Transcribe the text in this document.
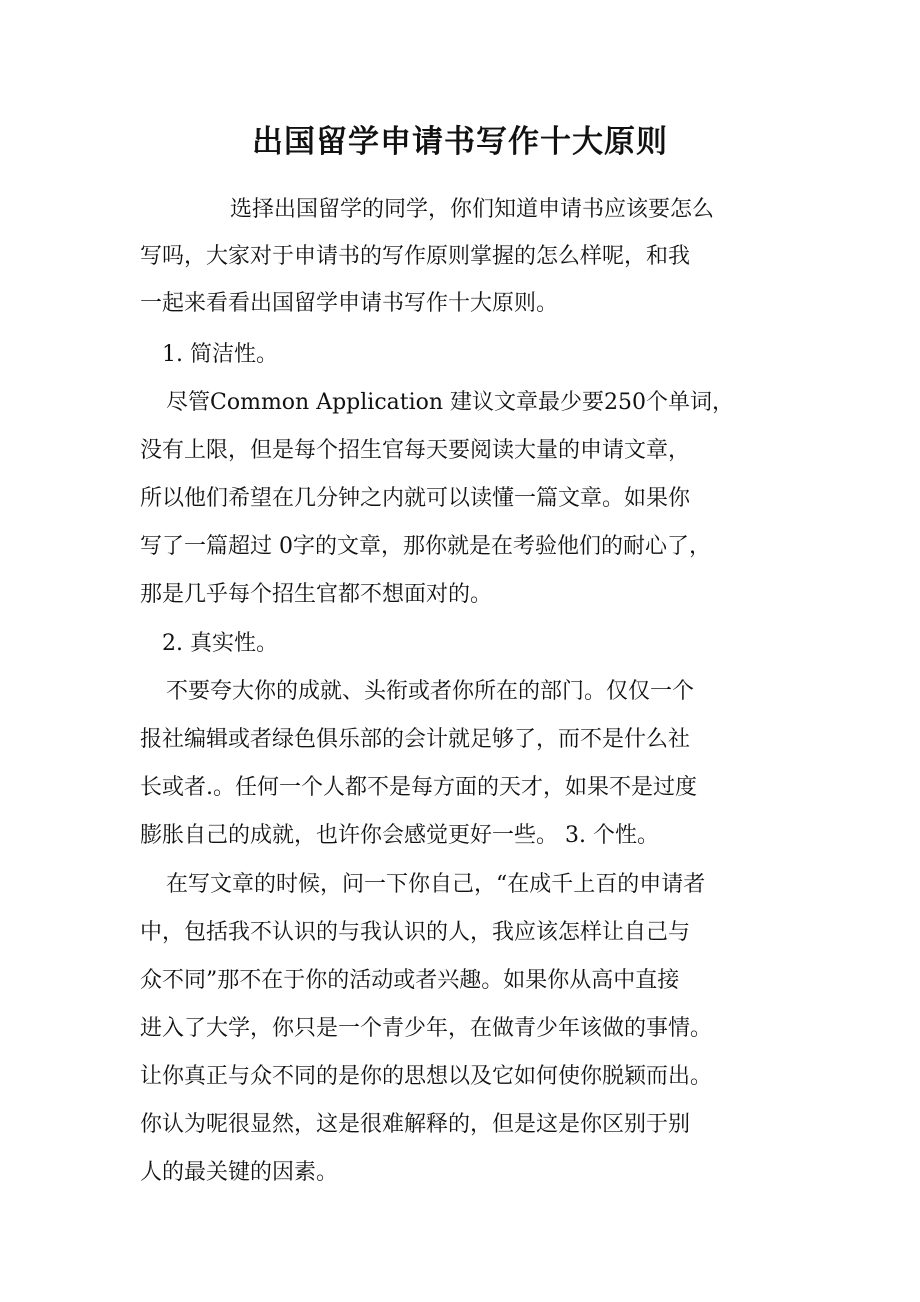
出国留学申请书写作十大原则

选择出国留学的同学，你们知道申请书应该要怎么

写吗，大家对于申请书的写作原则掌握的怎么样呢，和我

一起来看看出国留学申请书写作十大原则。

1. 简洁性。

尽管Common Application 建议文章最少要250个单词，

没有上限，但是每个招生官每天要阅读大量的申请文章，

所以他们希望在几分钟之内就可以读懂一篇文章。如果你

写了一篇超过 0字的文章，那你就是在考验他们的耐心了，

那是几乎每个招生官都不想面对的。

2. 真实性。

不要夸大你的成就、头衔或者你所在的部门。仅仅一个

报社编辑或者绿色俱乐部的会计就足够了，而不是什么社

长或者.。任何一个人都不是每方面的天才，如果不是过度

膨胀自己的成就，也许你会感觉更好一些。 3. 个性。

在写文章的时候，问一下你自己，“在成千上百的申请者

中，包括我不认识的与我认识的人，我应该怎样让自己与

众不同”那不在于你的活动或者兴趣。如果你从高中直接

进入了大学，你只是一个青少年，在做青少年该做的事情。

让你真正与众不同的是你的思想以及它如何使你脱颖而出。

你认为呢很显然，这是很难解释的，但是这是你区别于别

人的最关键的因素。
